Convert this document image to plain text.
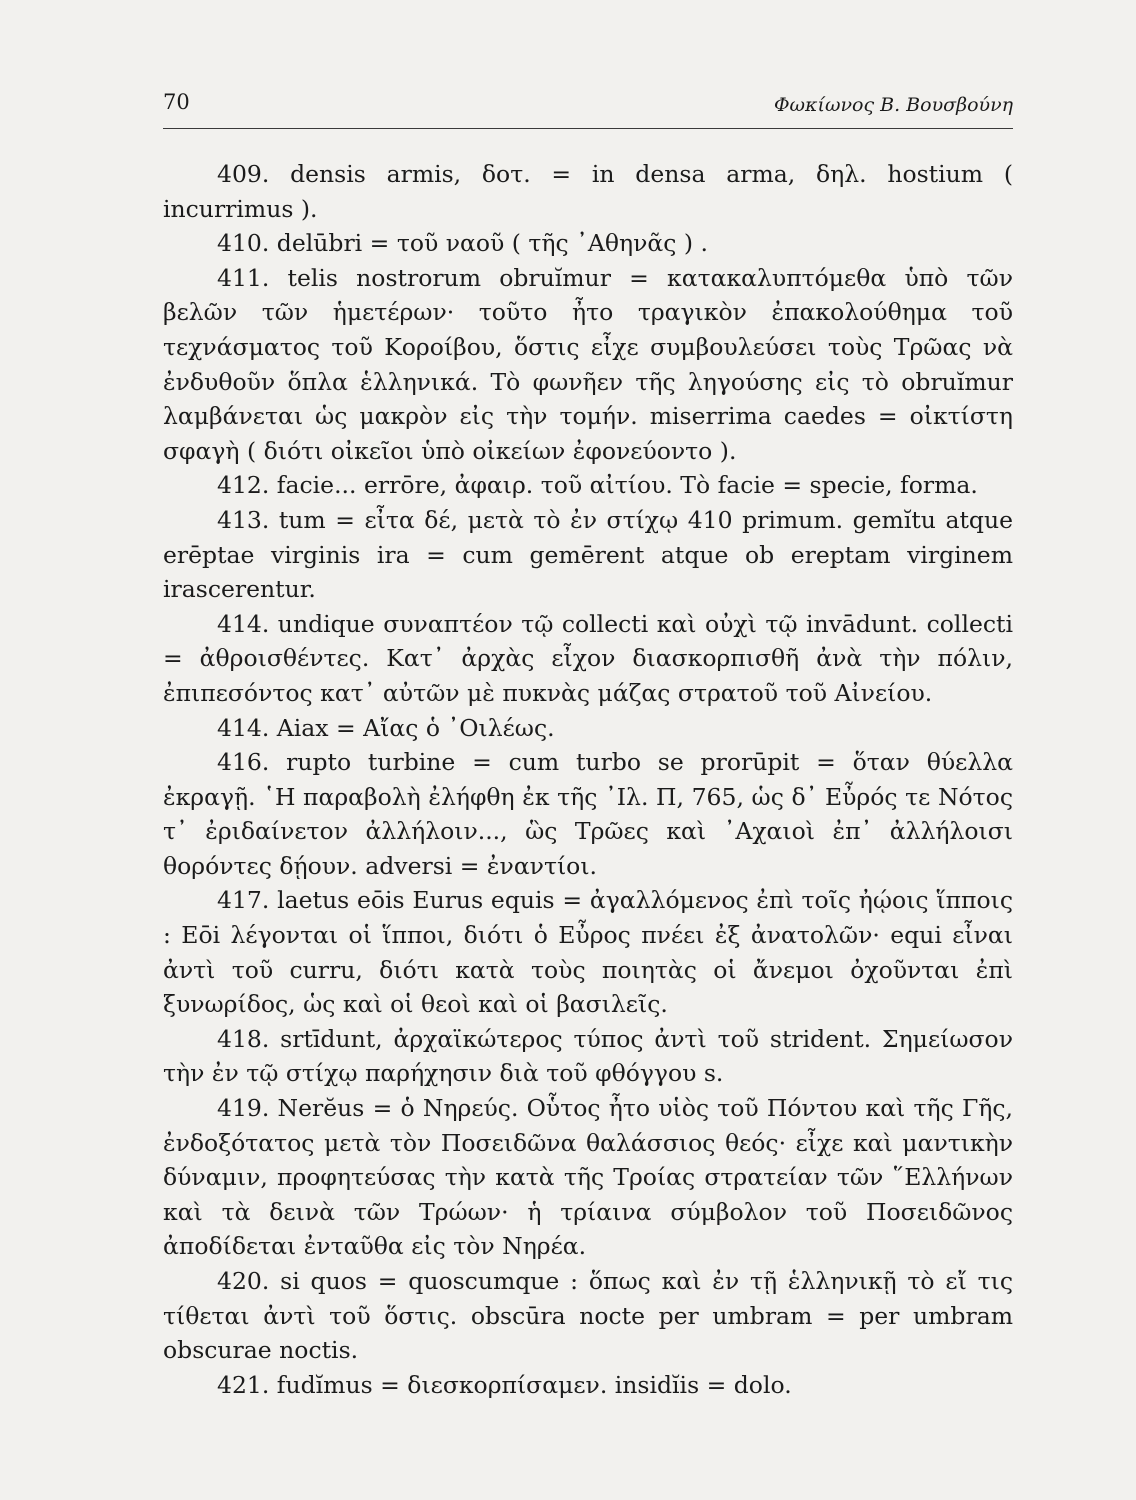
70	Φωκίωνος Β. Βουσβούνη

409. densis armis, δοτ. = in densa arma, δηλ. hostium ( incurrimus ).

410. delūbri = τοῦ ναοῦ ( τῆς ᾿Αθηνᾶς ) .

411. telis nostrorum obruĭmur = κατακαλυπτόμεθα ὑπὸ τῶν βελῶν τῶν ἡμετέρων· τοῦτο ἦτο τραγικὸν ἐπακολούθημα τοῦ τεχνάσματος τοῦ Κοροίβου, ὅστις εἶχε συμβουλεύσει τοὺς Τρῶας νὰ ἐνδυθοῦν ὅπλα ἑλληνικά. Τὸ φωνῆεν τῆς ληγούσης εἰς τὸ obruĭmur λαμβάνεται ὡς μακρὸν εἰς τὴν τομήν. miserrima caedes = οἰκτίστη σφαγὴ ( διότι οἰκεῖοι ὑπὸ οἰκείων ἐφονεύοντο ).

412. facie... errōre, ἀφαιρ. τοῦ αἰτίου. Τὸ facie = specie, forma.

413. tum = εἶτα δέ, μετὰ τὸ ἐν στίχῳ 410 primum. gemĭtu atque erēptae virginis ira = cum gemērent atque ob ereptam virginem irascerentur.

414. undique συναπτέον τῷ collecti καὶ οὐχὶ τῷ invādunt. collecti = ἀθροισθέντες. Κατ᾽ ἀρχὰς εἶχον διασκορπισθῆ ἀνὰ τὴν πόλιν, ἐπιπεσόντος κατ᾽ αὐτῶν μὲ πυκνὰς μάζας στρατοῦ τοῦ Αἰνείου.

414. Aiax = Αἴας ὁ ᾿Οιλέως.

416. rupto turbine = cum turbo se prorūpit = ὅταν θύελλα ἐκραγῇ. ῾Η παραβολὴ ἐλήφθη ἐκ τῆς ᾿Ιλ. Π, 765, ὡς δ᾽ Εὖρός τε Νότος τ᾽ ἐριδαίνετον ἀλλήλοιν..., ὣς Τρῶες καὶ ᾿Αχαιοὶ ἐπ᾽ ἀλλήλοισι θορόντες δῄουν. adversi = ἐναντίοι.

417. laetus eōis Eurus equis = ἀγαλλόμενος ἐπὶ τοῖς ἠῴοις ἵπποις : Eōi λέγονται οἱ ἵπποι, διότι ὁ Εὖρος πνέει ἐξ ἀνατολῶν· equi εἶναι ἀντὶ τοῦ curru, διότι κατὰ τοὺς ποιητὰς οἱ ἄνεμοι ὀχοῦνται ἐπὶ ξυνωρίδος, ὡς καὶ οἱ θεοὶ καὶ οἱ βασιλεῖς.

418. srtīdunt, ἀρχαϊκώτερος τύπος ἀντὶ τοῦ strident. Σημείωσον τὴν ἐν τῷ στίχῳ παρήχησιν διὰ τοῦ φθόγγου s.

419. Nerĕus = ὁ Νηρεύς. Οὗτος ἦτο υἱὸς τοῦ Πόντου καὶ τῆς Γῆς, ἐνδοξότατος μετὰ τὸν Ποσειδῶνα θαλάσσιος θεός· εἶχε καὶ μαντικὴν δύναμιν, προφητεύσας τὴν κατὰ τῆς Τροίας στρατείαν τῶν ῞Ελλήνων καὶ τὰ δεινὰ τῶν Τρώων· ἡ τρίαινα σύμβολον τοῦ Ποσειδῶνος ἀποδίδεται ἐνταῦθα εἰς τὸν Νηρέα.

420. si quos = quoscumque : ὅπως καὶ ἐν τῇ ἑλληνικῇ τὸ εἴ τις τίθεται ἀντὶ τοῦ ὅστις. obscūra nocte per umbram = per umbram obscurae noctis.

421. fudĭmus = διεσκορπίσαμεν. insidĭis = dolo.
